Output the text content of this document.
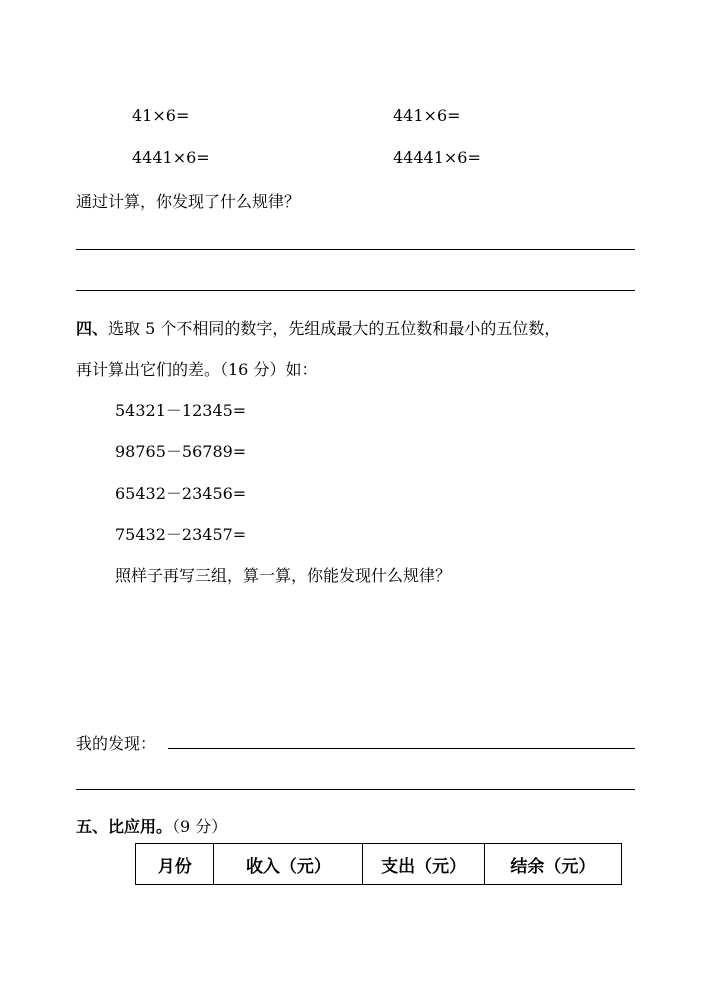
41×6=	441×6=
4441×6=	44441×6=
通过计算，你发现了什么规律？
四、选取 5 个不相同的数字，先组成最大的五位数和最小的五位数，
再计算出它们的差。（16 分）如：
54321－12345=
98765－56789=
65432－23456=
75432－23457=
照样子再写三组，算一算，你能发现什么规律？
我的发现：
五、比应用。（9 分）
月份	收入（元）	支出（元）	结余（元）
